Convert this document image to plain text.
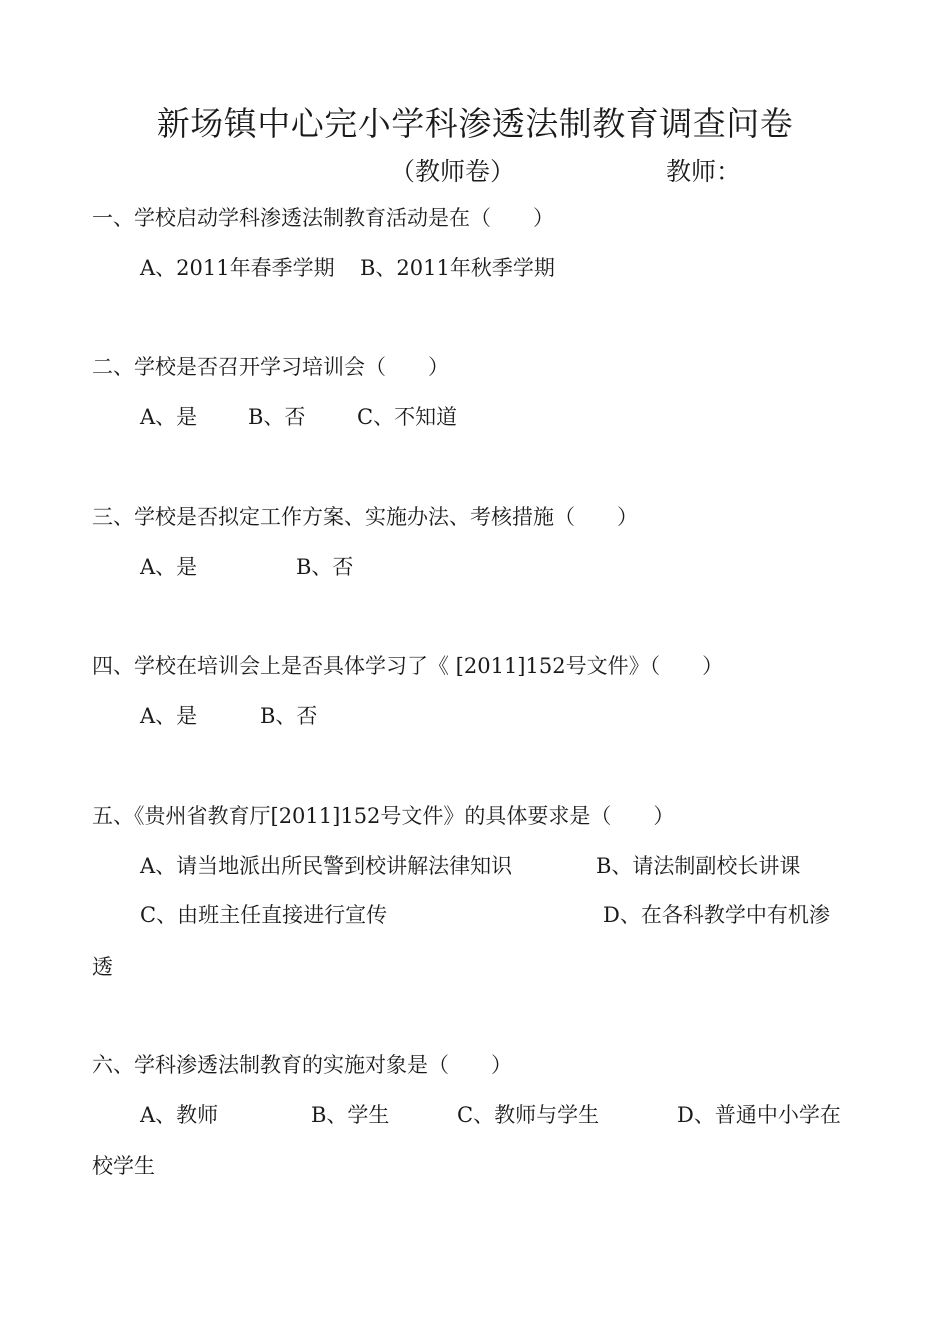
新场镇中心完小学科渗透法制教育调查问卷
（教师卷）	教师：
一、学校启动学科渗透法制教育活动是在（　　）
A、2011年春季学期 B、2011年秋季学期
二、学校是否召开学习培训会（　　）
A、是 B、否 C、不知道
三、学校是否拟定工作方案、实施办法、考核措施（　　）
A、是	B、否
四、学校在培训会上是否具体学习了《 [2011]152号文件》（　　）
A、是	B、否
五、《贵州省教育厅[2011]152号文件》的具体要求是（　　）
A、请当地派出所民警到校讲解法律知识	B、请法制副校长讲课
C、由班主任直接进行宣传	D、在各科教学中有机渗
透
六、学科渗透法制教育的实施对象是（　　）
A、教师	B、学生	C、教师与学生	D、普通中小学在
校学生
